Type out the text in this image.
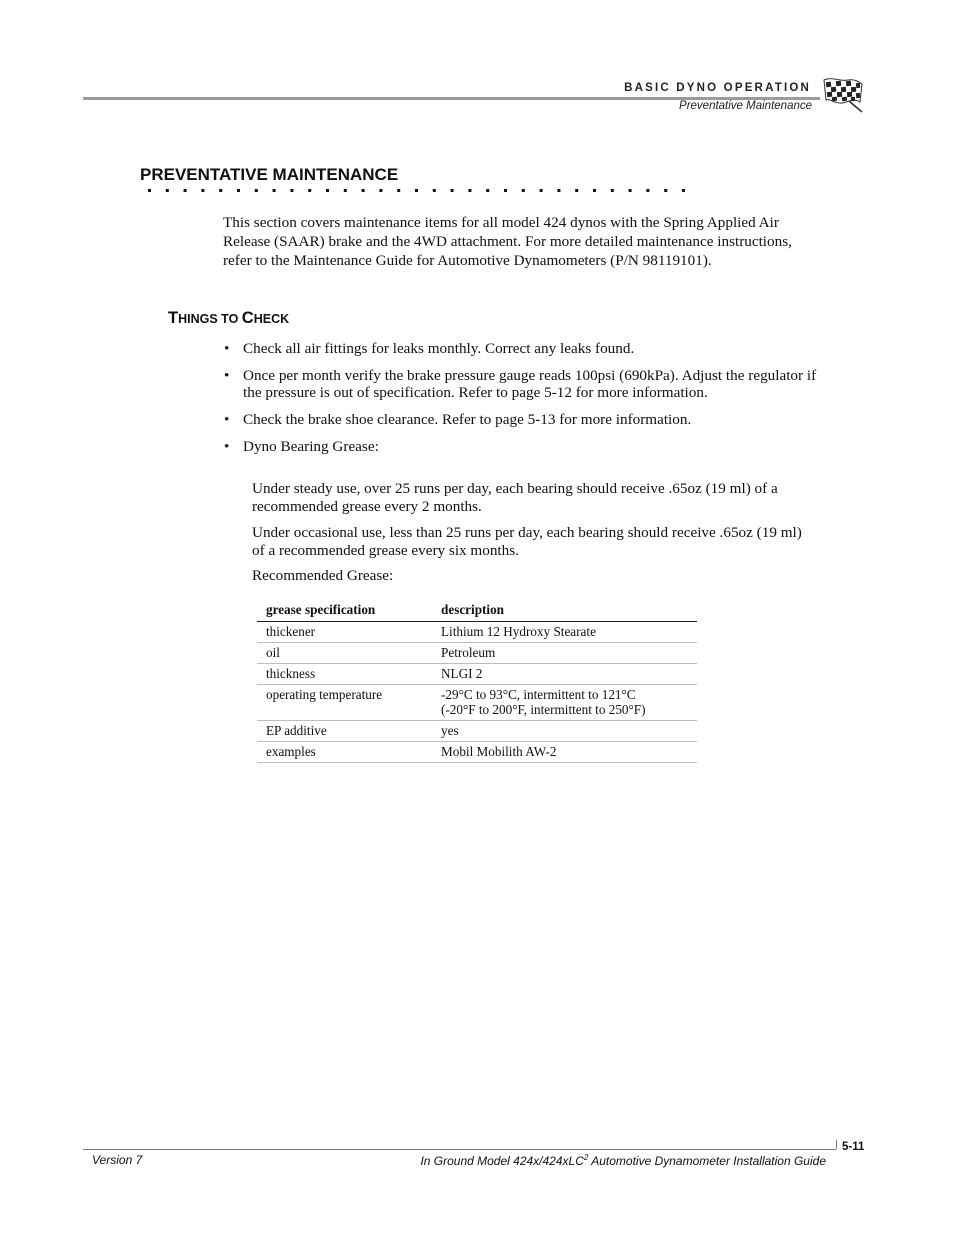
BASIC DYNO OPERATION
Preventative Maintenance
PREVENTATIVE MAINTENANCE
This section covers maintenance items for all model 424 dynos with the Spring Applied Air Release (SAAR) brake and the 4WD attachment. For more detailed maintenance instructions, refer to the Maintenance Guide for Automotive Dynamometers (P/N 98119101).
THINGS TO CHECK
• Check all air fittings for leaks monthly. Correct any leaks found.
• Once per month verify the brake pressure gauge reads 100psi (690kPa). Adjust the regulator if the pressure is out of specification. Refer to page 5-12 for more information.
• Check the brake shoe clearance. Refer to page 5-13 for more information.
• Dyno Bearing Grease:
Under steady use, over 25 runs per day, each bearing should receive .65oz (19 ml) of a recommended grease every 2 months.
Under occasional use, less than 25 runs per day, each bearing should receive .65oz (19 ml) of a recommended grease every six months.
Recommended Grease:
grease specification	description
thickener	Lithium 12 Hydroxy Stearate
oil	Petroleum
thickness	NLGI 2
operating temperature	-29°C to 93°C, intermittent to 121°C
(-20°F to 200°F, intermittent to 250°F)
EP additive	yes
examples	Mobil Mobilith AW-2
5-11
Version 7	In Ground Model 424x/424xLC$^2$ Automotive Dynamometer Installation Guide
